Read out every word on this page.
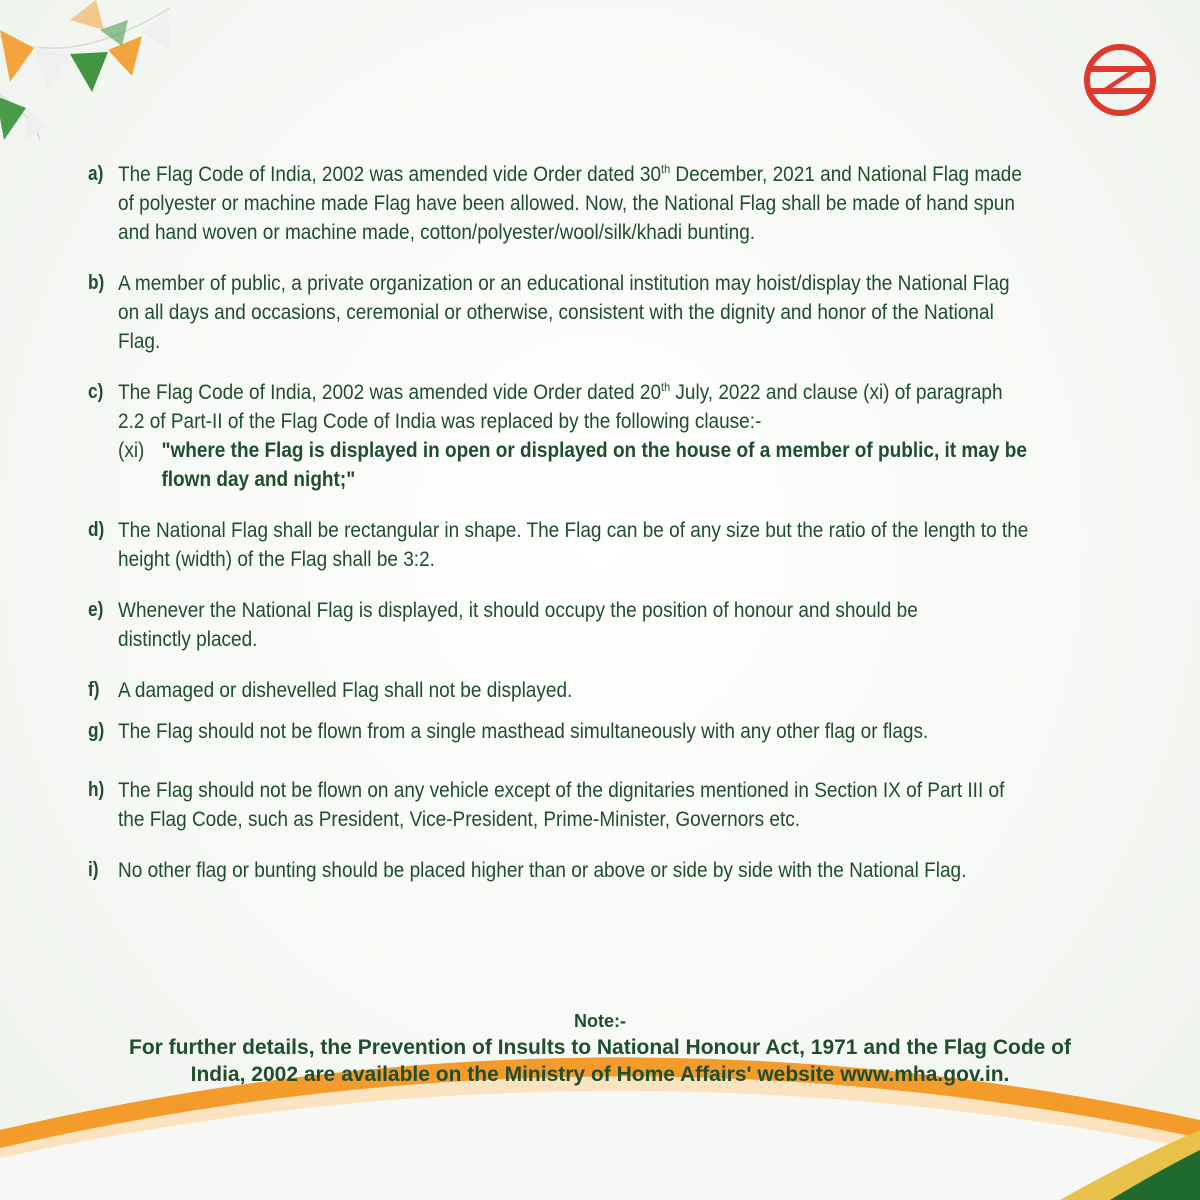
a) The Flag Code of India, 2002 was amended vide Order dated 30th December, 2021 and National Flag made of polyester or machine made Flag have been allowed. Now, the National Flag shall be made of hand spun and hand woven or machine made, cotton/polyester/wool/silk/khadi bunting.
b) A member of public, a private organization or an educational institution may hoist/display the National Flag on all days and occasions, ceremonial or otherwise, consistent with the dignity and honor of the National Flag.
c) The Flag Code of India, 2002 was amended vide Order dated 20th July, 2022 and clause (xi) of paragraph 2.2 of Part-II of the Flag Code of India was replaced by the following clause:-
(xi) "where the Flag is displayed in open or displayed on the house of a member of public, it may be flown day and night;"
d) The National Flag shall be rectangular in shape. The Flag can be of any size but the ratio of the length to the height (width) of the Flag shall be 3:2.
e) Whenever the National Flag is displayed, it should occupy the position of honour and should be distinctly placed.
f) A damaged or dishevelled Flag shall not be displayed.
g) The Flag should not be flown from a single masthead simultaneously with any other flag or flags.
h) The Flag should not be flown on any vehicle except of the dignitaries mentioned in Section IX of Part III of the Flag Code, such as President, Vice-President, Prime-Minister, Governors etc.
i) No other flag or bunting should be placed higher than or above or side by side with the National Flag.
Note:-
For further details, the Prevention of Insults to National Honour Act, 1971 and the Flag Code of India, 2002 are available on the Ministry of Home Affairs' website www.mha.gov.in.
